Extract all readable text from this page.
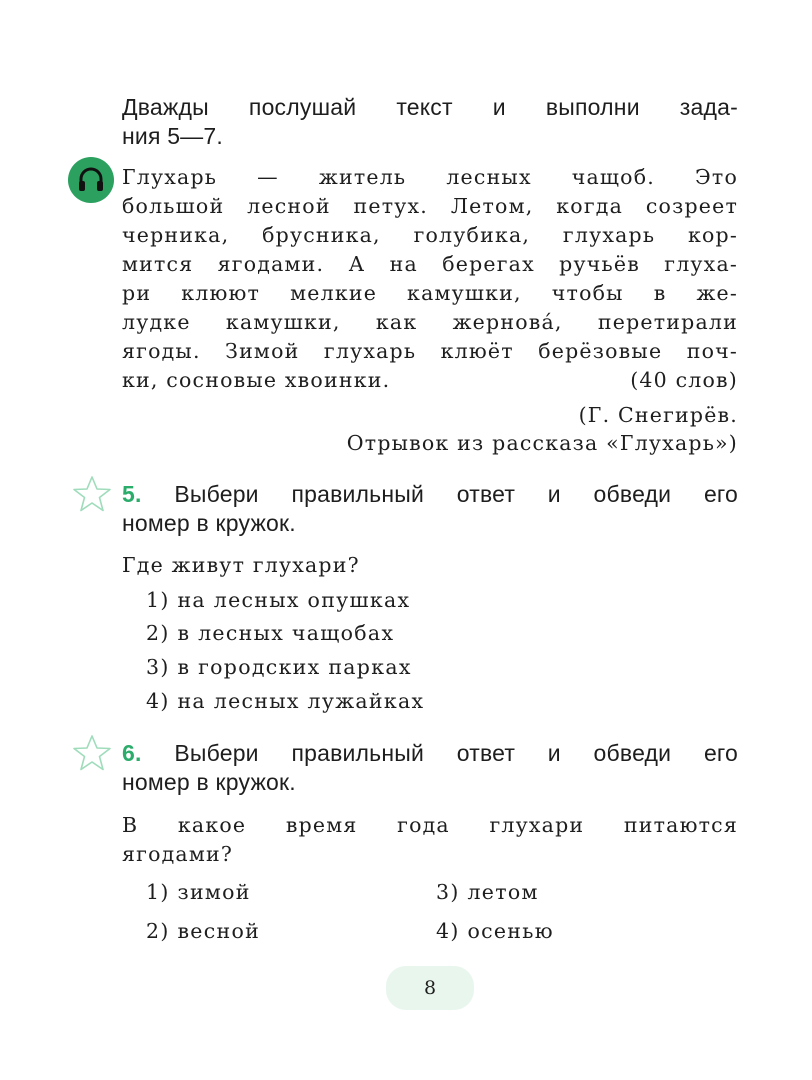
Дважды послушай текст и выполни зада-

ния 5—7.

Глухарь — житель лесных чащоб. Это

большой лесной петух. Летом, когда созреет

черника, брусника, голубика, глухарь кор-

мится ягодами. А на берегах ручьёв глуха-

ри клюют мелкие камушки, чтобы в же-

лудке камушки, как жернова́, перетирали

ягоды. Зимой глухарь клюёт берёзовые поч-

ки, сосновые хвоинки.	(40 слов)

(Г. Снегирёв.

Отрывок из рассказа «Глухарь»)

5. Выбери правильный ответ и обведи его

номер в кружок.

Где живут глухари?

1) на лесных опушках
2) в лесных чащобах
3) в городских парках
4) на лесных лужайках

6. Выбери правильный ответ и обведи его

номер в кружок.

В какое время года глухари питаются

ягодами?

1) зимой
2) весной
3) летом
4) осенью
8
